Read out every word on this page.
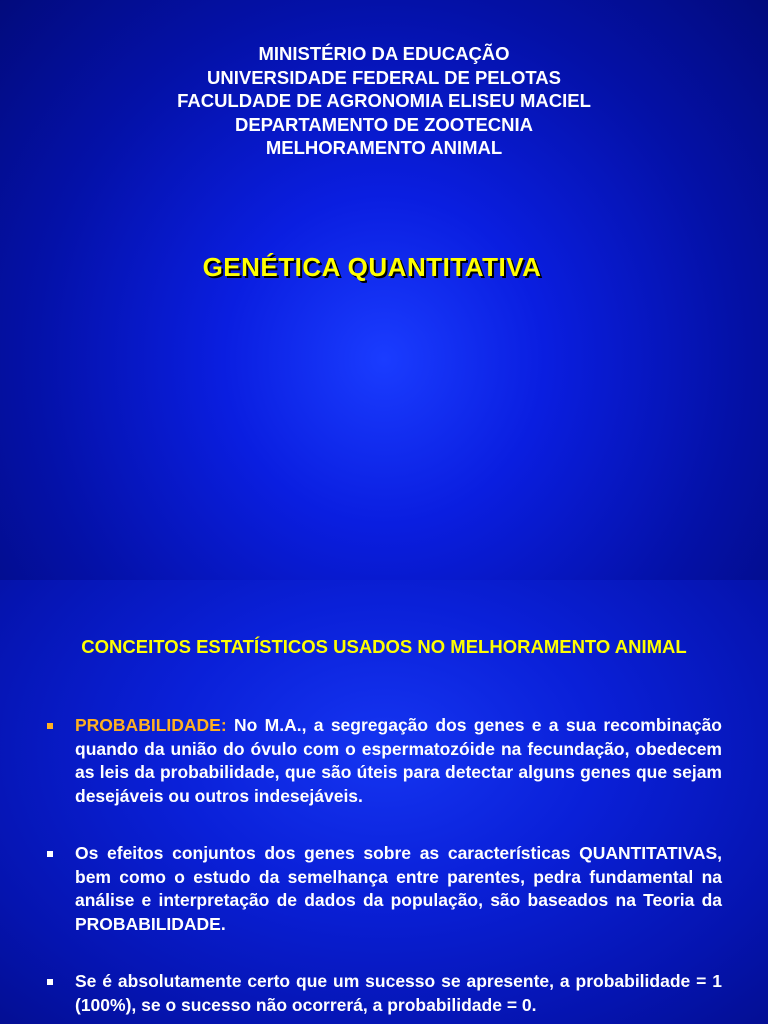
MINISTÉRIO DA EDUCAÇÃO
UNIVERSIDADE FEDERAL DE PELOTAS
FACULDADE DE AGRONOMIA ELISEU MACIEL
DEPARTAMENTO DE ZOOTECNIA
MELHORAMENTO ANIMAL
GENÉTICA QUANTITATIVA
CONCEITOS ESTATÍSTICOS USADOS NO MELHORAMENTO ANIMAL
PROBABILIDADE: No M.A., a segregação dos genes e a sua recombinação quando da união do óvulo com o espermatozóide na fecundação, obedecem as leis da probabilidade, que são úteis para detectar alguns genes que sejam desejáveis ou outros indesejáveis.
Os efeitos conjuntos dos genes sobre as características QUANTITATIVAS, bem como o estudo da semelhança entre parentes, pedra fundamental na análise e interpretação de dados da população, são baseados na Teoria da PROBABILIDADE.
Se é absolutamente certo que um sucesso se apresente, a probabilidade = 1 (100%), se o sucesso não ocorrerá, a probabilidade = 0.
